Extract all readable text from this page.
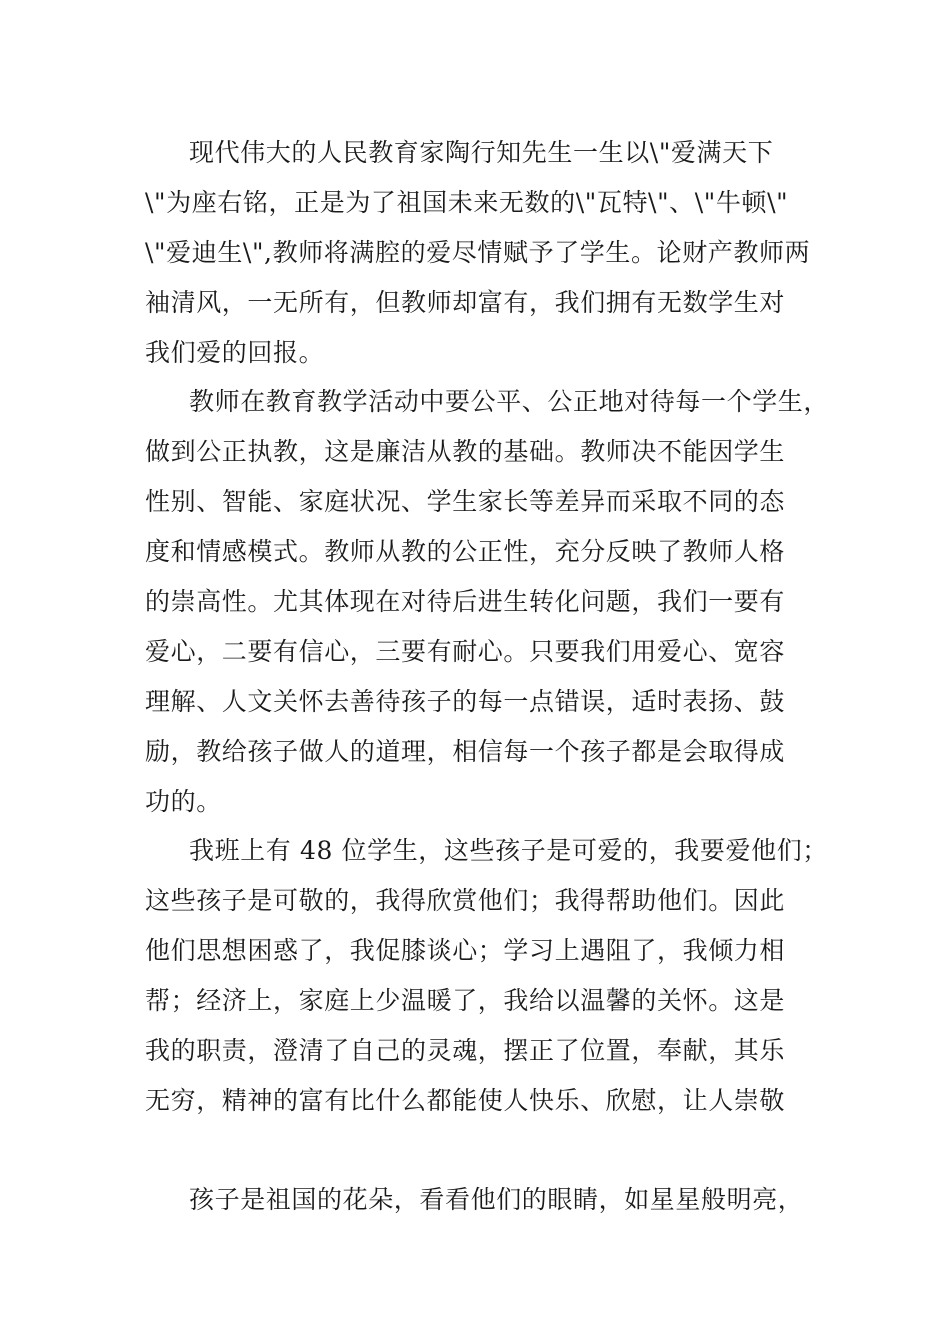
现代伟大的人民教育家陶行知先生一生以\"爱满天下
\"为座右铭，正是为了祖国未来无数的\"瓦特\"、\"牛顿\"
\"爱迪生\",教师将满腔的爱尽情赋予了学生。论财产教师两
袖清风，一无所有，但教师却富有，我们拥有无数学生对
我们爱的回报。
教师在教育教学活动中要公平、公正地对待每一个学生，
做到公正执教，这是廉洁从教的基础。教师决不能因学生
性别、智能、家庭状况、学生家长等差异而采取不同的态
度和情感模式。教师从教的公正性，充分反映了教师人格
的崇高性。尤其体现在对待后进生转化问题，我们一要有
爱心，二要有信心，三要有耐心。只要我们用爱心、宽容
理解、人文关怀去善待孩子的每一点错误，适时表扬、鼓
励，教给孩子做人的道理，相信每一个孩子都是会取得成
功的。
我班上有 48 位学生，这些孩子是可爱的，我要爱他们；
这些孩子是可敬的，我得欣赏他们；我得帮助他们。因此
他们思想困惑了，我促膝谈心；学习上遇阻了，我倾力相
帮；经济上，家庭上少温暖了，我给以温馨的关怀。这是
我的职责，澄清了自己的灵魂，摆正了位置，奉献，其乐
无穷，精神的富有比什么都能使人快乐、欣慰，让人崇敬
孩子是祖国的花朵，看看他们的眼睛，如星星般明亮，
